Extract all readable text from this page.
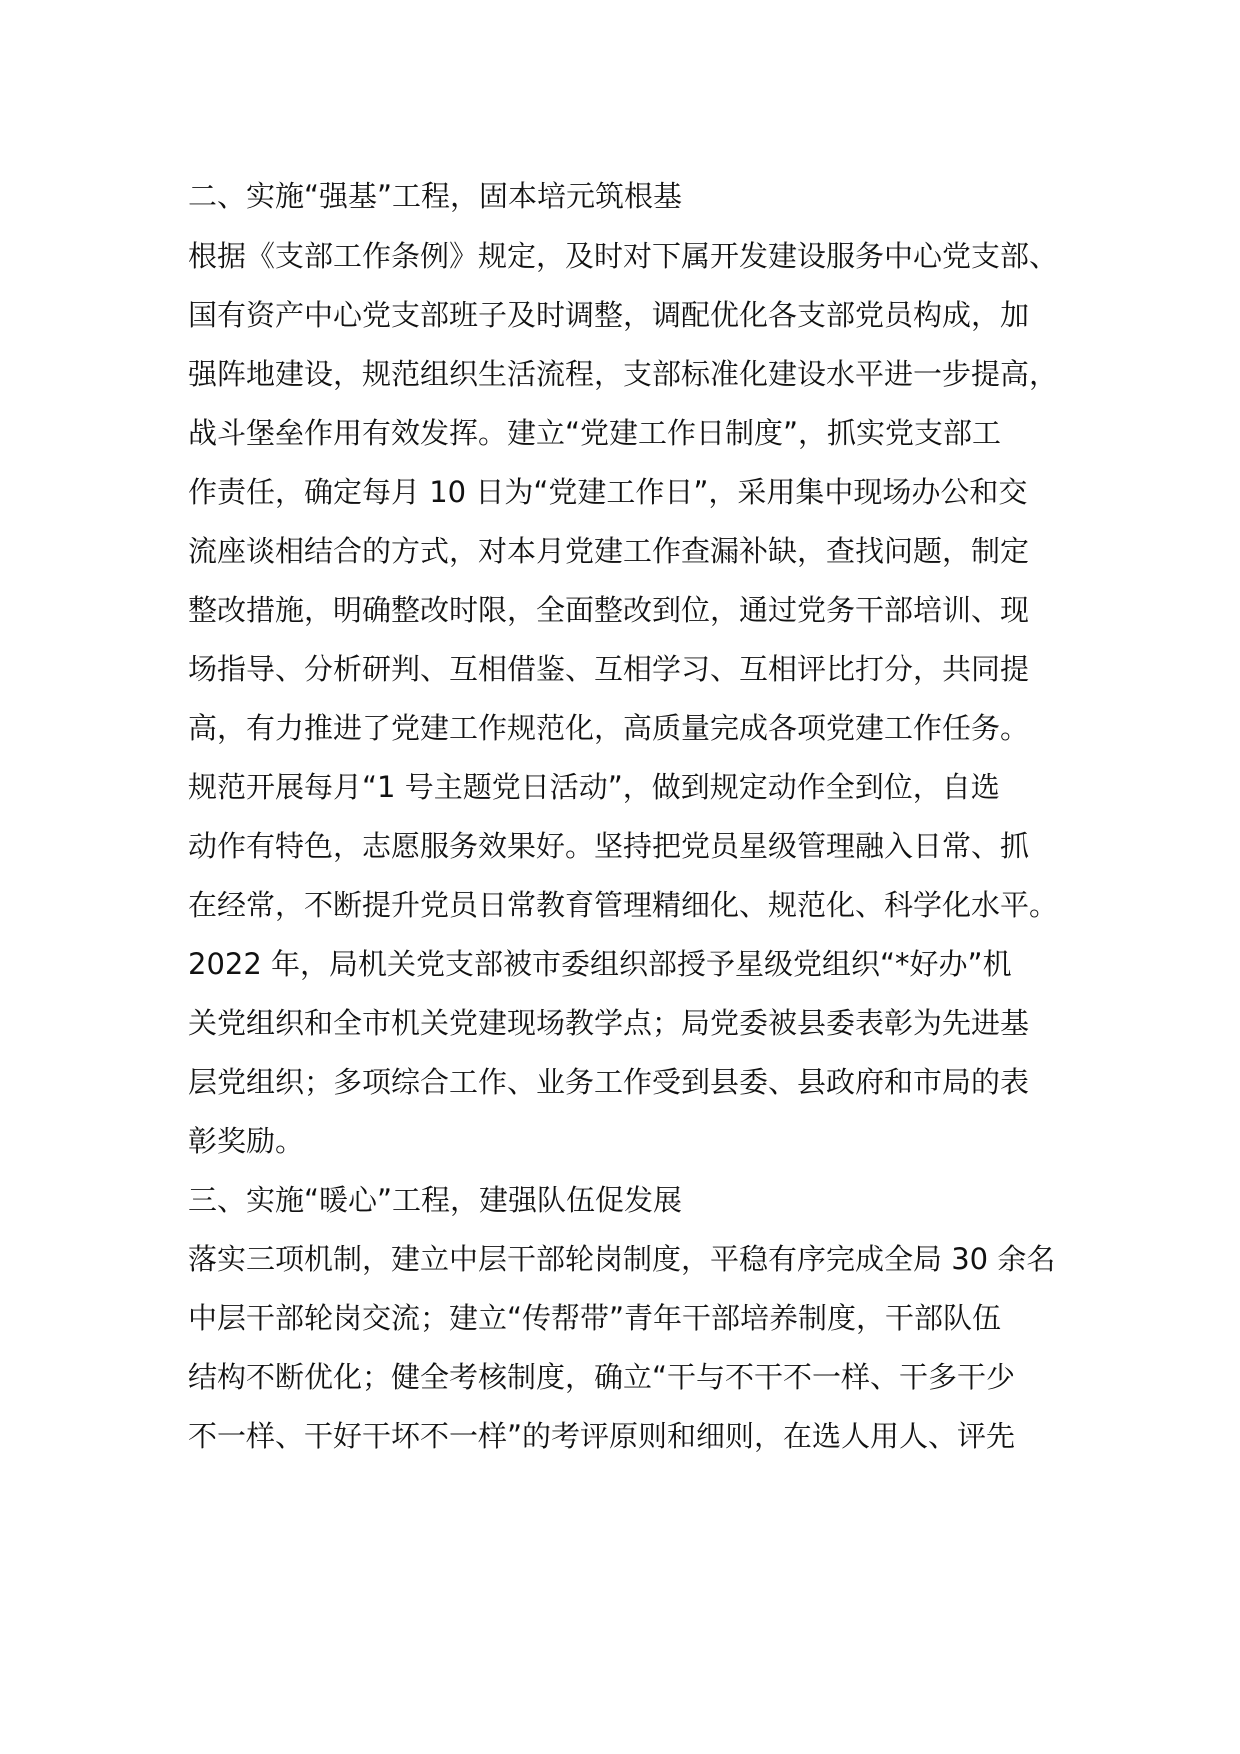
二、实施“强基”工程，固本培元筑根基
根据《支部工作条例》规定，及时对下属开发建设服务中心党支部、
国有资产中心党支部班子及时调整，调配优化各支部党员构成，加
强阵地建设，规范组织生活流程，支部标准化建设水平进一步提高，
战斗堡垒作用有效发挥。建立“党建工作日制度”，抓实党支部工
作责任，确定每月 10 日为“党建工作日”，采用集中现场办公和交
流座谈相结合的方式，对本月党建工作查漏补缺，查找问题，制定
整改措施，明确整改时限，全面整改到位，通过党务干部培训、现
场指导、分析研判、互相借鉴、互相学习、互相评比打分，共同提
高，有力推进了党建工作规范化，高质量完成各项党建工作任务。
规范开展每月“1 号主题党日活动”，做到规定动作全到位，自选
动作有特色，志愿服务效果好。坚持把党员星级管理融入日常、抓
在经常，不断提升党员日常教育管理精细化、规范化、科学化水平。
2022 年，局机关党支部被市委组织部授予星级党组织“*好办”机
关党组织和全市机关党建现场教学点；局党委被县委表彰为先进基
层党组织；多项综合工作、业务工作受到县委、县政府和市局的表
彰奖励。
三、实施“暖心”工程，建强队伍促发展
落实三项机制，建立中层干部轮岗制度，平稳有序完成全局 30 余名
中层干部轮岗交流；建立“传帮带”青年干部培养制度，干部队伍
结构不断优化；健全考核制度，确立“干与不干不一样、干多干少
不一样、干好干坏不一样”的考评原则和细则，在选人用人、评先
